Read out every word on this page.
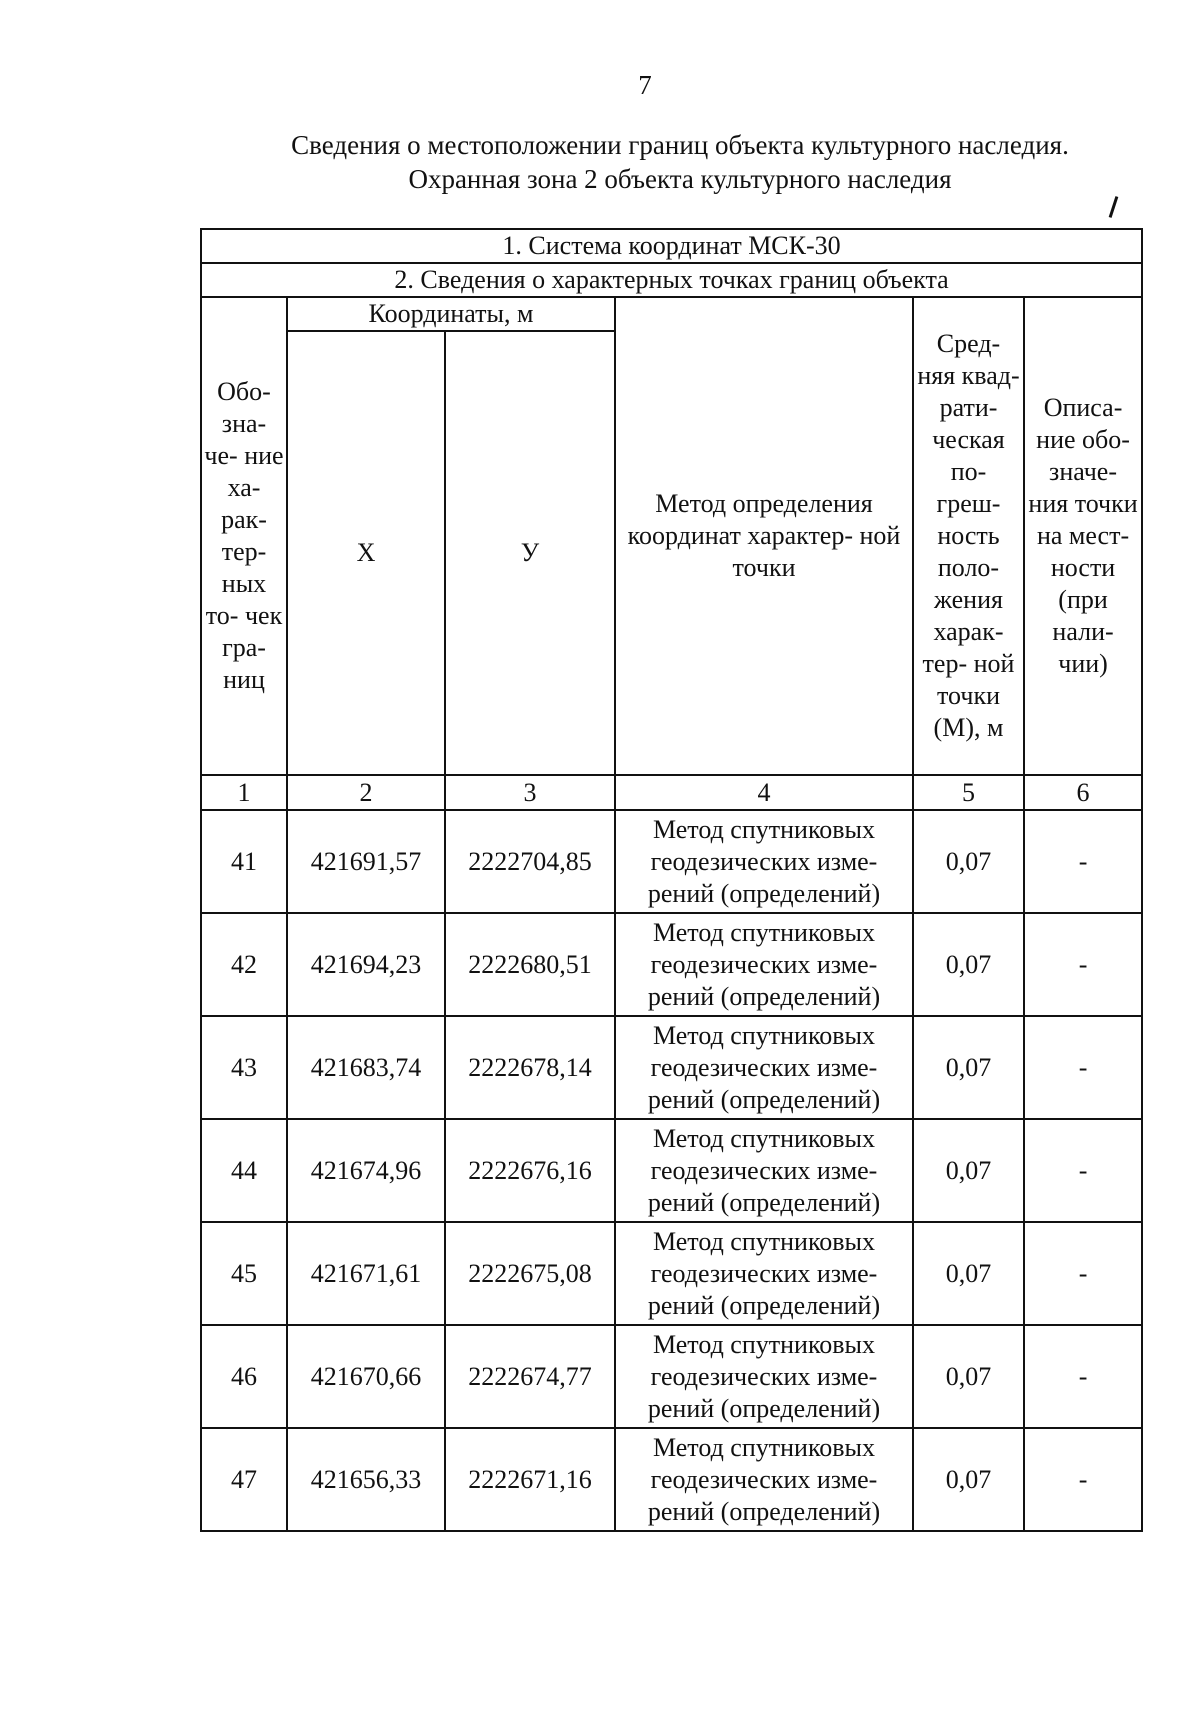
7
Сведения о местоположении границ объекта культурного наследия.
Охранная зона 2 объекта культурного наследия
1. Система координат МСК-30					
2. Сведения о характерных точках границ объекта					
Обо- зна- че- ние ха- рак- тер- ных то- чек гра- ниц	Координаты, м		Метод определения координат характер- ной точки	Сред- няя квад- рати- ческая по- греш- ность поло- жения харак- тер- ной точки (М), м	Описа- ние обо- значе- ния точки на мест- ности (при нали- чии)
	X	У			
1	2	3	4	5	6
41	421691,57	2222704,85	Метод спутниковых геодезических изме- рений (определений)	0,07	-
42	421694,23	2222680,51	Метод спутниковых геодезических изме- рений (определений)	0,07	-
43	421683,74	2222678,14	Метод спутниковых геодезических изме- рений (определений)	0,07	-
44	421674,96	2222676,16	Метод спутниковых геодезических изме- рений (определений)	0,07	-
45	421671,61	2222675,08	Метод спутниковых геодезических изме- рений (определений)	0,07	-
46	421670,66	2222674,77	Метод спутниковых геодезических изме- рений (определений)	0,07	-
47	421656,33	2222671,16	Метод спутниковых геодезических изме- рений (определений)	0,07	-
